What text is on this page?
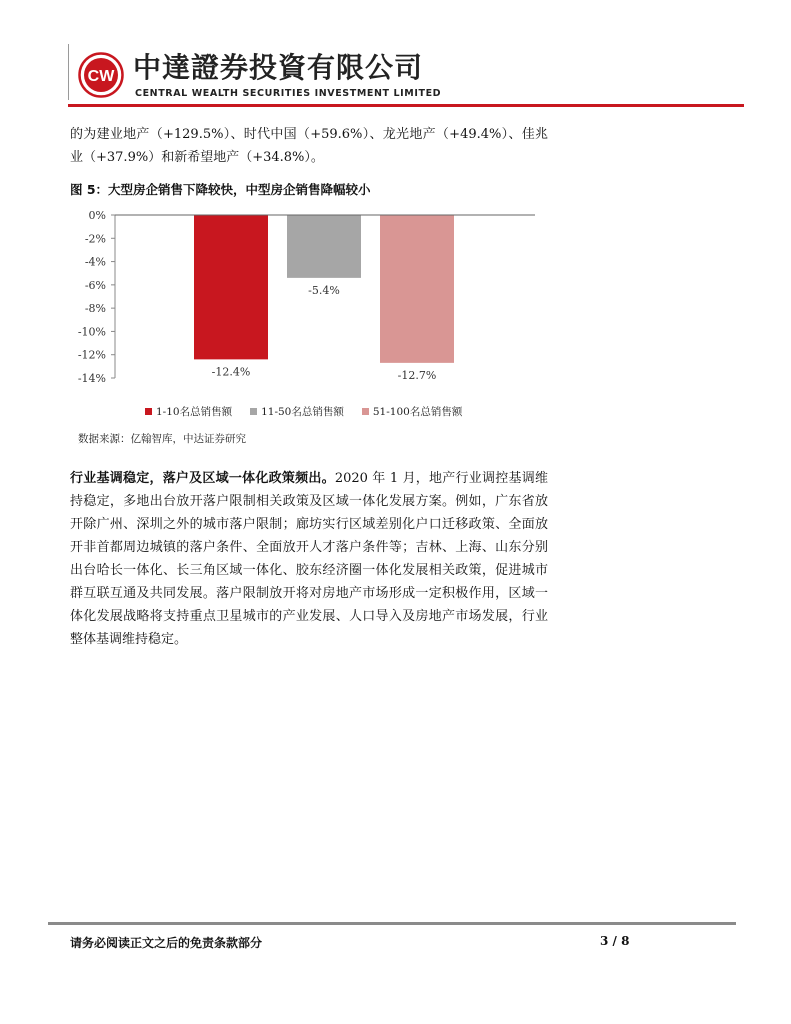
CW 中達證券投資有限公司

CENTRAL WEALTH SECURITIES INVESTMENT LIMITED

的为建业地产（+129.5%）、时代中国（+59.6%）、龙光地产（+49.4%）、佳兆业（+37.9%）和新希望地产（+34.8%）。

图 5：大型房企销售下降较快，中型房企销售降幅较小

0%
-2%
-4%
-6%
-8%
-10%
-12%
-14%
-12.4%
-5.4%
-12.7%
1-10名总销售额	11-50名总销售额	51-100名总销售额

数据来源：亿翰智库，中达证券研究

行业基调稳定，落户及区域一体化政策频出。2020 年 1 月，地产行业调控基调维持稳定，多地出台放开落户限制相关政策及区域一体化发展方案。例如，广东省放开除广州、深圳之外的城市落户限制；廊坊实行区域差别化户口迁移政策、全面放开非首都周边城镇的落户条件、全面放开人才落户条件等；吉林、上海、山东分别出台哈长一体化、长三角区域一体化、胶东经济圈一体化发展相关政策，促进城市群互联互通及共同发展。落户限制放开将对房地产市场形成一定积极作用，区域一体化发展战略将支持重点卫星城市的产业发展、人口导入及房地产市场发展，行业整体基调维持稳定。

请务必阅读正文之后的免责条款部分	3 / 8
